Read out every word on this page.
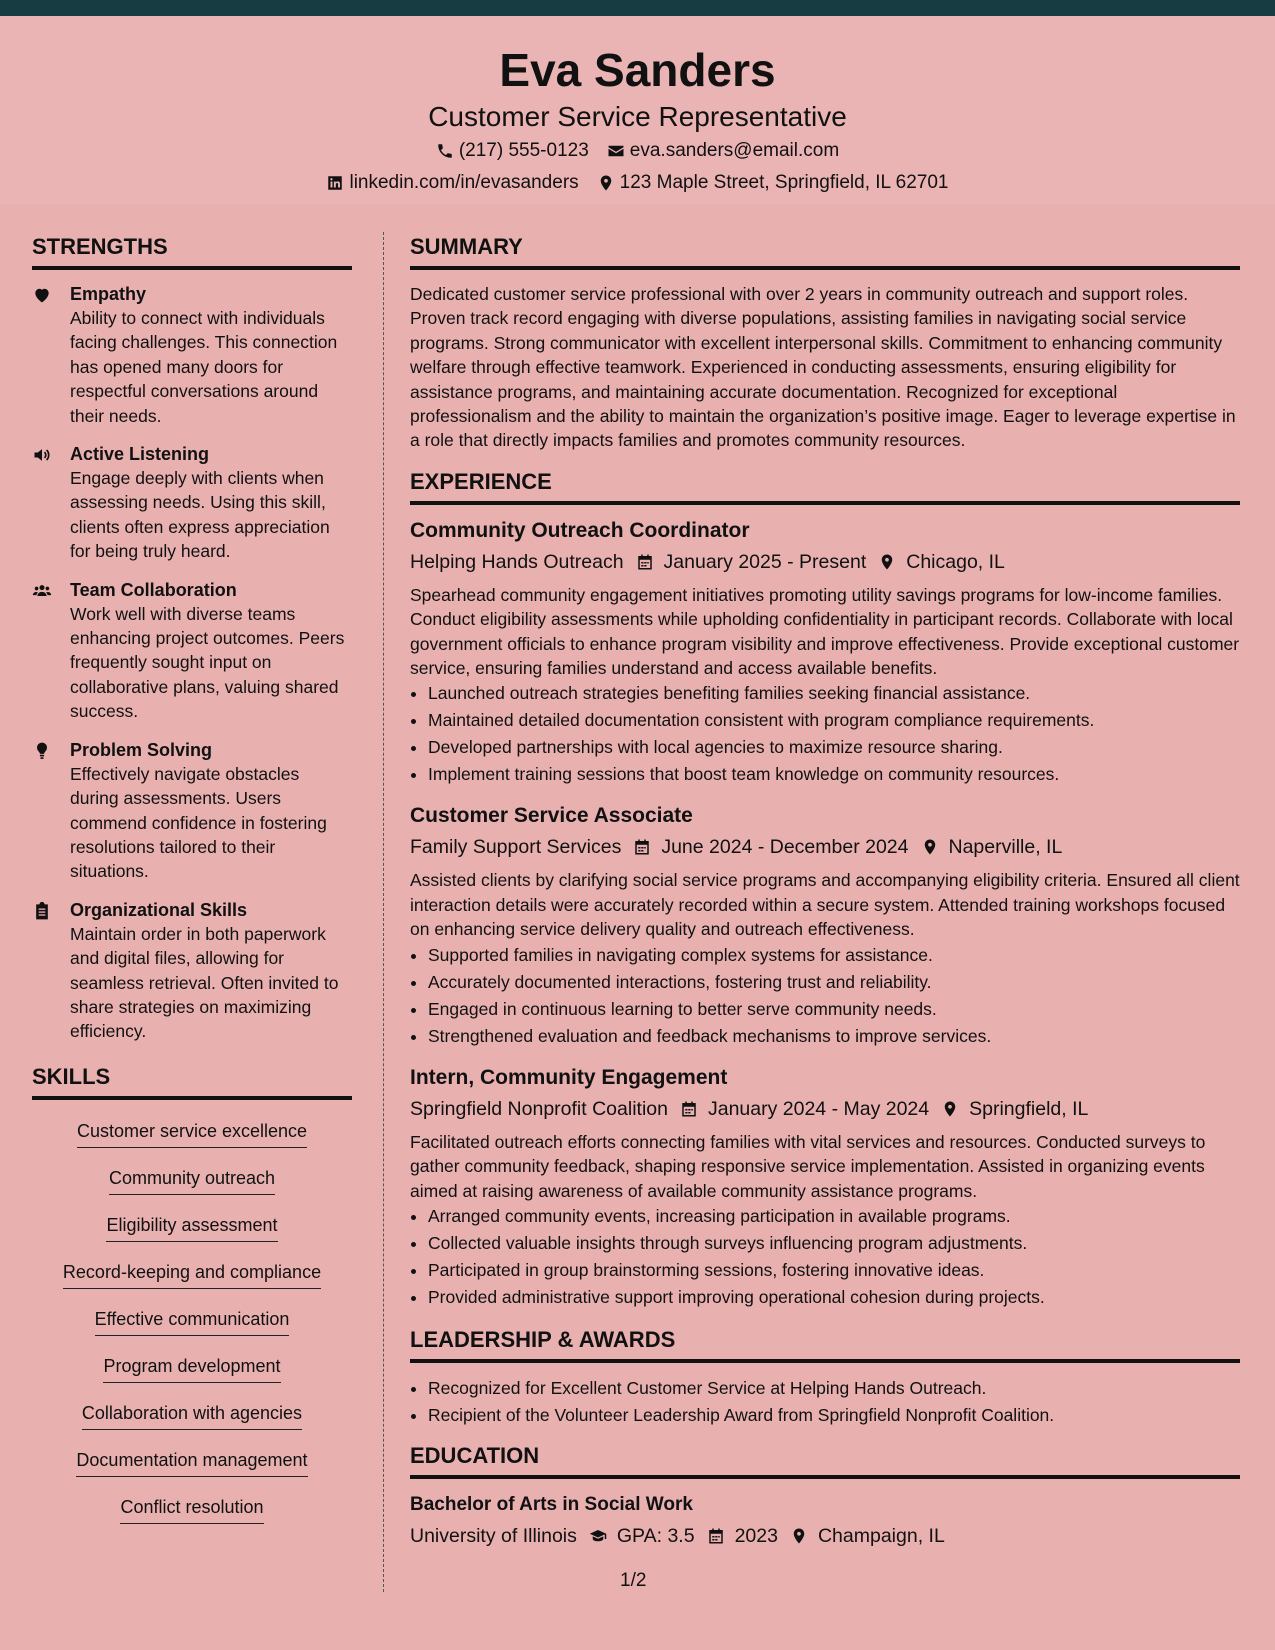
Eva Sanders
Customer Service Representative
(217) 555-0123 eva.sanders@email.com
linkedin.com/in/evasanders 123 Maple Street, Springfield, IL 62701
STRENGTHS
Empathy
Ability to connect with individuals facing challenges. This connection has opened many doors for respectful conversations around their needs.
Active Listening
Engage deeply with clients when assessing needs. Using this skill, clients often express appreciation for being truly heard.
Team Collaboration
Work well with diverse teams enhancing project outcomes. Peers frequently sought input on collaborative plans, valuing shared success.
Problem Solving
Effectively navigate obstacles during assessments. Users commend confidence in fostering resolutions tailored to their situations.
Organizational Skills
Maintain order in both paperwork and digital files, allowing for seamless retrieval. Often invited to share strategies on maximizing efficiency.
SKILLS
Customer service excellence
Community outreach
Eligibility assessment
Record-keeping and compliance
Effective communication
Program development
Collaboration with agencies
Documentation management
Conflict resolution
SUMMARY
Dedicated customer service professional with over 2 years in community outreach and support roles. Proven track record engaging with diverse populations, assisting families in navigating social service programs. Strong communicator with excellent interpersonal skills. Commitment to enhancing community welfare through effective teamwork. Experienced in conducting assessments, ensuring eligibility for assistance programs, and maintaining accurate documentation. Recognized for exceptional professionalism and the ability to maintain the organization’s positive image. Eager to leverage expertise in a role that directly impacts families and promotes community resources.
EXPERIENCE
Community Outreach Coordinator
Helping Hands Outreach January 2025 - Present Chicago, IL
Spearhead community engagement initiatives promoting utility savings programs for low-income families. Conduct eligibility assessments while upholding confidentiality in participant records. Collaborate with local government officials to enhance program visibility and improve effectiveness. Provide exceptional customer service, ensuring families understand and access available benefits.
• Launched outreach strategies benefiting families seeking financial assistance.
• Maintained detailed documentation consistent with program compliance requirements.
• Developed partnerships with local agencies to maximize resource sharing.
• Implement training sessions that boost team knowledge on community resources.
Customer Service Associate
Family Support Services June 2024 - December 2024 Naperville, IL
Assisted clients by clarifying social service programs and accompanying eligibility criteria. Ensured all client interaction details were accurately recorded within a secure system. Attended training workshops focused on enhancing service delivery quality and outreach effectiveness.
• Supported families in navigating complex systems for assistance.
• Accurately documented interactions, fostering trust and reliability.
• Engaged in continuous learning to better serve community needs.
• Strengthened evaluation and feedback mechanisms to improve services.
Intern, Community Engagement
Springfield Nonprofit Coalition January 2024 - May 2024 Springfield, IL
Facilitated outreach efforts connecting families with vital services and resources. Conducted surveys to gather community feedback, shaping responsive service implementation. Assisted in organizing events aimed at raising awareness of available community assistance programs.
• Arranged community events, increasing participation in available programs.
• Collected valuable insights through surveys influencing program adjustments.
• Participated in group brainstorming sessions, fostering innovative ideas.
• Provided administrative support improving operational cohesion during projects.
LEADERSHIP & AWARDS
• Recognized for Excellent Customer Service at Helping Hands Outreach.
• Recipient of the Volunteer Leadership Award from Springfield Nonprofit Coalition.
EDUCATION
Bachelor of Arts in Social Work
University of Illinois GPA: 3.5 2023 Champaign, IL
1/2
